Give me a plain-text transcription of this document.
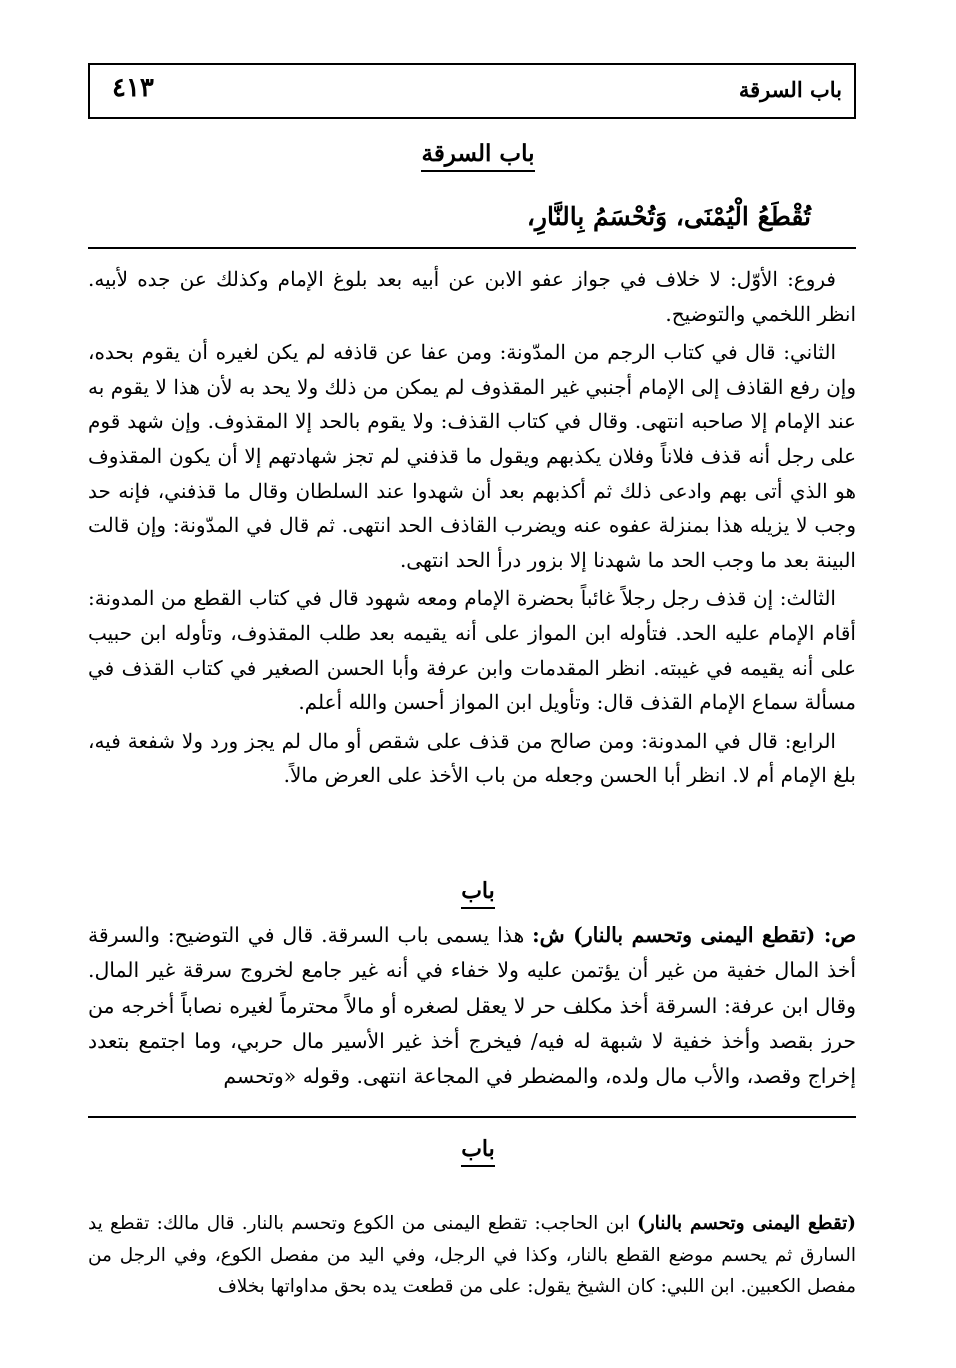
باب السرقة
٤١٣
باب السرقة
تُقْطَعُ الْيُمْنَى، وَتُحْسَمُ بِالنَّارِ،

فروع: الأوّل: لا خلاف في جواز عفو الابن عن أبيه بعد بلوغ الإمام وكذلك عن جده لأبيه. انظر اللخمي والتوضيح.

الثاني: قال في كتاب الرجم من المدّونة: ومن عفا عن قاذفه لم يكن لغيره أن يقوم بحده، وإن رفع القاذف إلى الإمام أجنبي غير المقذوف لم يمكن من ذلك ولا يحد به لأن هذا لا يقوم به عند الإمام إلا صاحبه انتهى. وقال في كتاب القذف: ولا يقوم بالحد إلا المقذوف. وإن شهد قوم على رجل أنه قذف فلاناً وفلان يكذبهم ويقول ما قذفني لم تجز شهادتهم إلا أن يكون المقذوف هو الذي أتى بهم وادعى ذلك ثم أكذبهم بعد أن شهدوا عند السلطان وقال ما قذفني، فإنه حد وجب لا يزيله هذا بمنزلة عفوه عنه ويضرب القاذف الحد انتهى. ثم قال في المدّونة: وإن قالت البينة بعد ما وجب الحد ما شهدنا إلا بزور درأ الحد انتهى.

الثالث: إن قذف رجل رجلاً غائباً بحضرة الإمام ومعه شهود قال في كتاب القطع من المدونة: أقام الإمام عليه الحد. فتأوله ابن المواز على أنه يقيمه بعد طلب المقذوف، وتأوله ابن حبيب على أنه يقيمه في غيبته. انظر المقدمات وابن عرفة وأبا الحسن الصغير في كتاب القذف في مسألة سماع الإمام القذف قال: وتأويل ابن المواز أحسن والله أعلم.

الرابع: قال في المدونة: ومن صالح من قذف على شقص أو مال لم يجز ورد ولا شفعة فيه، بلغ الإمام أم لا. انظر أبا الحسن وجعله من باب الأخذ على العرض مالاً.

باب

ص: (تقطع اليمنى وتحسم بالنار) ش: هذا يسمى باب السرقة. قال في التوضيح: والسرقة أخذ المال خفية من غير أن يؤتمن عليه ولا خفاء في أنه غير جامع لخروج سرقة غير المال. وقال ابن عرفة: السرقة أخذ مكلف حر لا يعقل لصغره أو مالاً محترماً لغيره نصاباً أخرجه من حرز بقصد وأخذ خفية لا شبهة له فيه/ فيخرج أخذ غير الأسير مال حربي، وما اجتمع بتعدد إخراج وقصد، والأب مال ولده، والمضطر في المجاعة انتهى. وقوله «وتحسم

باب

(تقطع اليمنى وتحسم بالنار) ابن الحاجب: تقطع اليمنى من الكوع وتحسم بالنار. قال مالك: تقطع يد السارق ثم يحسم موضع القطع بالنار، وكذا في الرجل، وفي اليد من مفصل الكوع، وفي الرجل من مفصل الكعبين. ابن اللبي: كان الشيخ يقول: على من قطعت يده بحق مداواتها بخلاف
